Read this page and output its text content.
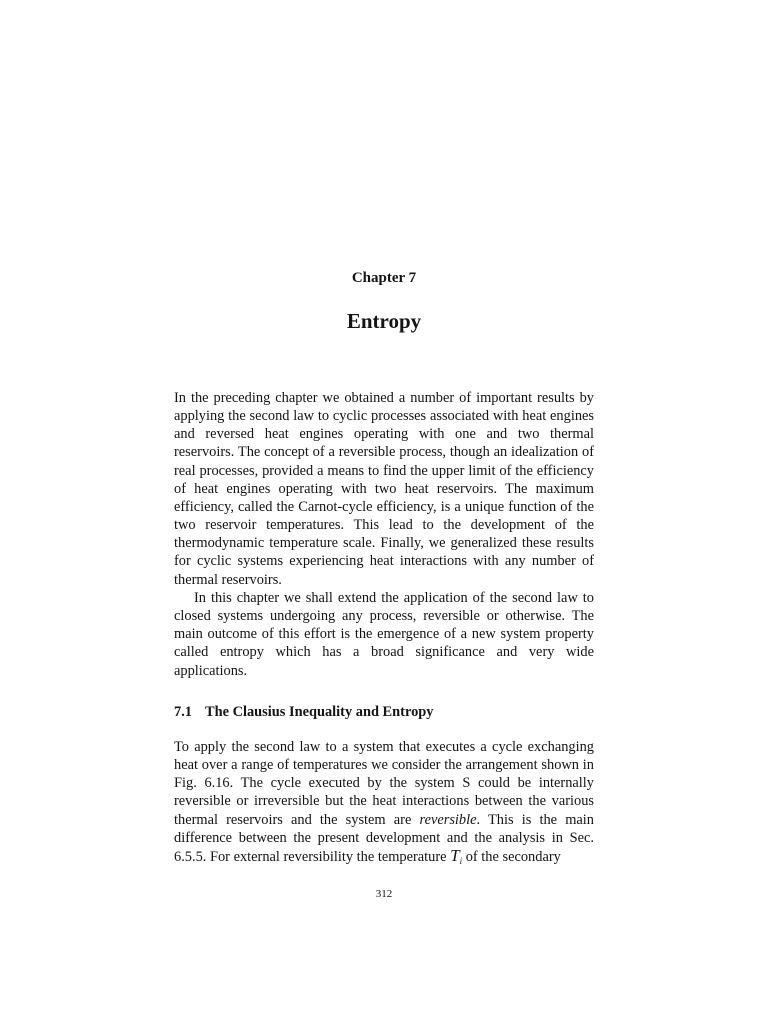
Chapter 7
Entropy

In the preceding chapter we obtained a number of important results by applying the second law to cyclic processes associated with heat engines and reversed heat engines operating with one and two thermal reservoirs. The concept of a reversible process, though an idealization of real processes, provided a means to find the upper limit of the efficiency of heat engines operating with two heat reservoirs. The maximum efficiency, called the Carnot-cycle efficiency, is a unique function of the two reservoir temperatures. This lead to the development of the thermodynamic temperature scale. Finally, we generalized these results for cyclic systems experiencing heat interactions with any number of thermal reservoirs.

In this chapter we shall extend the application of the second law to closed systems undergoing any process, reversible or otherwise. The main outcome of this effort is the emergence of a new system property called entropy which has a broad significance and very wide applications.

7.1 The Clausius Inequality and Entropy

To apply the second law to a system that executes a cycle exchanging heat over a range of temperatures we consider the arrangement shown in Fig. 6.16. The cycle executed by the system S could be internally reversible or irreversible but the heat interactions between the various thermal reservoirs and the system are reversible. This is the main difference between the present development and the analysis in Sec. 6.5.5. For external reversibility the temperature $T_i$ of the secondary

312
